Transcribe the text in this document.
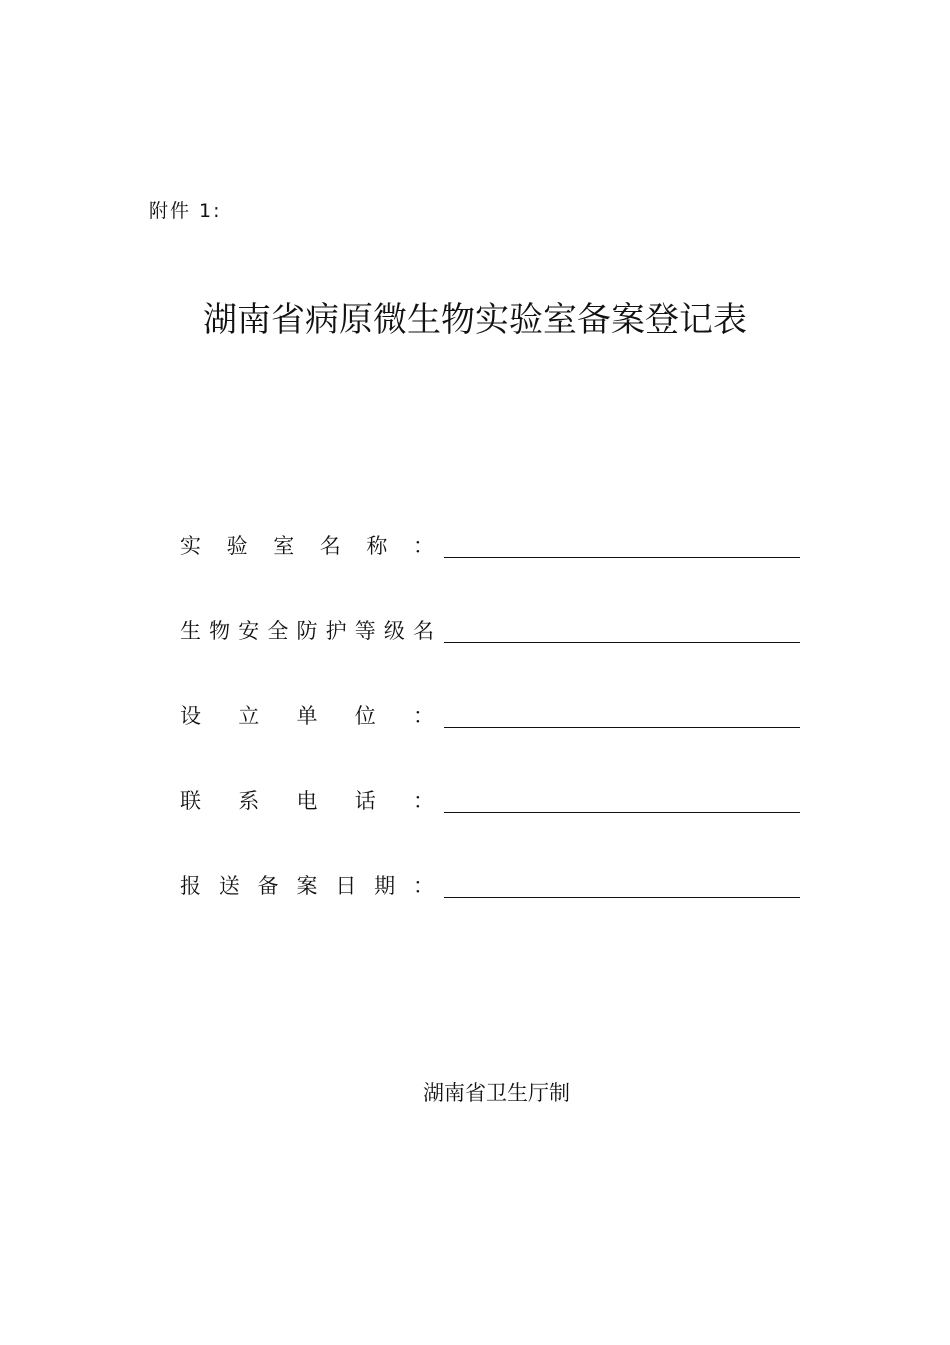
附件 1:
湖南省病原微生物实验室备案登记表
实 验 室 名 称 ：
生 物 安 全 防 护 等 级 名
设 立 单 位 ：
联 系 电 话 ：
报 送 备 案 日 期 ：
湖南省卫生厅制
